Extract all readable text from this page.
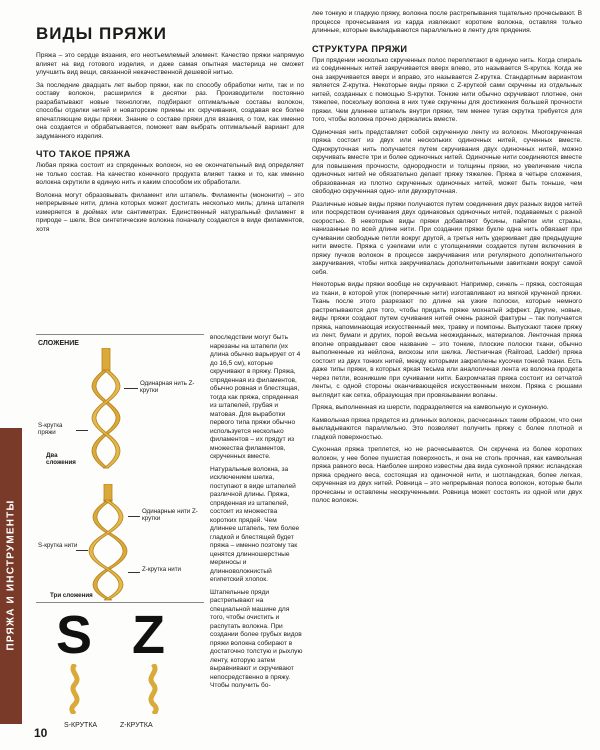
ВИДЫ ПРЯЖИ

Пряжа – это сердце вязания, его неотъемлемый элемент. Качество пряжи напрямую влияет на вид готового изделия, и даже самая опытная мастерица не сможет улучшить вид вещи, связанной некачественной дешевой нитью.

За последние двадцать лет выбор пряжи, как по способу обработки нити, так и по составу волокон, расширился в десятки раз. Производители постоянно разрабатывают новые технологии, подбирают оптимальные составы волокон, способы отделки нитей и новаторские приемы их скручивания, создавая все более впечатляющие виды пряжи. Знание о составе пряжи для вязания, о том, как именно она создается и обрабатывается, поможет вам выбрать оптимальный вариант для задуманного изделия.

ЧТО ТАКОЕ ПРЯЖА

Любая пряжа состоит из спряденных волокон, но ее окончательный вид определяет не только состав. На качество конечного продукта влияет также и то, как именно волокна скрутили в единую нить и каким способом их обработали.

Волокна могут образовывать филамент или штапель. Филаменты (мононити) – это непрерывные нити, длина которых может достигать несколько миль; длина штапеля измеряется в дюймах или сантиметрах. Единственный натуральный филамент в природе – шелк. Все синтетические волокна поначалу создаются в виде филаментов, хотя

СЛОЖЕНИЕ
Одинарная нить Z-крутки
S-крутка пряжи
Два сложения
Одинарные нити Z-крутки
S-крутка нити
Z-крутка нити
Три сложения
S Z
S-КРУТКА	Z-КРУТКА

впоследствии могут быть нарезаны на штапели (их длина обычно варьирует от 4 до 16,5 см), которые скручивают в пряжу. Пряжа, спряденная из филаментов, обычно ровная и блестящая, тогда как пряжа, спряденная из штапелей, грубая и матовая. Для выработки первого типа пряжи обычно используется несколько филаментов – их прядут из множества филаментов, скрученных вместе.

Натуральные волокна, за исключением шелка, поступают в виде штапелей различной длины. Пряжа, спряденная из штапелей, состоит из множества коротких прядей. Чем длиннее штапель, тем более гладкой и блестящей будет пряжа – именно поэтому так ценятся длинношерстные мериносы и длинноволокнистый египетский хлопок.

Штапельные пряди растрепывают на специальной машине для того, чтобы очистить и распутать волокна. При создании более грубых видов пряжи волокна собирают в достаточно толстую и рыхлую ленту, которую затем выравнивают и скручивают непосредственно в пряжу. Чтобы получить бо-

лее тонкую и гладкую пряжу, волокна после растрепывания тщательно прочесывают. В процессе прочесывания из карда извлекают короткие волокна, оставляя только длинные, которые выкладываются параллельно в ленту для прядения.

СТРУКТУРА ПРЯЖИ

При прядении несколько скрученных полос переплетают в единую нить. Когда спираль из соединенных нитей закручивается вверх влево, это называется S-крутка. Когда же она закручивается вверх и вправо, это называется Z-крутка. Стандартным вариантом является Z-крутка. Некоторые виды пряжи с Z-круткой сами скручены из отдельных нитей, созданных с помощью S-крутки. Тонкие нити обычно скручивают плотнее, они тяжелее, поскольку волокна в них туже скручены для достижения большей прочности пряжи. Чем длиннее штапель внутри пряжи, тем менее тугая скрутка требуется для того, чтобы волокна прочно держались вместе.

Одиночная нить представляет собой скрученную ленту из волокон. Многокрученная пряжа состоит из двух или нескольких одиночных нитей, сученных вместе. Однокруточная нить получается путем скручивания двух одиночных нитей, можно скручивать вместе три и более одиночных нитей. Одиночные нити соединяются вместе для повышения прочности, однородности и толщины пряжи, но увеличение числа одиночных нитей не обязательно делает пряжу тяжелее. Пряжа в четыре сложения, образованная из плотно скрученных одиночных нитей, может быть тоньше, чем свободно скрученная одно- или двухкруточная.

Различные новые виды пряжи получаются путем соединения двух разных видов нитей или посредством сучивания двух одинаковых одиночных нитей, подаваемых с разной скоростью. В некоторые виды пряжи добавляют бусины, пайетки или стразы, нанизанные по всей длине нити. При создании пряжи букле одна нить обвязает при сучивании свободные петли вокруг другой, а третья нить удерживает две предыдущие нити вместе. Пряжа с узелками или с утолщениями создается путем включения в пряжу пучков волокон в процессе закручивания или регулярного дополнительного закручивания, чтобы нитка закручивалась дополнительными завитками вокруг самой себя.

Некоторые виды пряжи вообще не скручивают. Например, синель – пряжа, состоящая из ткани, в которой уток (поперечные нити) изготавливают из мягкой крученой пряжи. Ткань после этого разрезают по длине на узкие полоски, которые немного растрепываются для того, чтобы придать пряже мохнатый эффект. Другие, новые, виды пряжи создают путем сучивания нитей очень разной фактуры – так получается пряжа, напоминающая искусственный мех, травку и помпоны. Выпускают также пряжу из лент, бумаги и других, порой весьма неожиданных, материалов. Ленточная пряжа вполне оправдывает свое название – это тонкие, плоские полоски ткани, обычно выполненные из нейлона, вискозы или шелка. Лестничная (Railroad, Ladder) пряжа состоит из двух тонких нитей, между которыми закреплены кусочки тонкой ткани. Есть даже типы пряжи, в которых яркая тесьма или аналогичная лента из волокна продета через петли, возникшие при сучивании нити. Бахромчатая пряжа состоит из сетчатой ленты, с одной стороны оканчивающейся искусственным мехом. Пряжа с рюшами выглядит как сетка, образующая при провязывании воланы.

Пряжа, выполненная из шерсти, подразделяется на камвольную и суконную.

Камвольная пряжа прядется из длинных волокон, расчесанных таким образом, что они выкладываются параллельно. Это позволяет получить пряжу с более плотной и гладкой поверхностью.

Суконная пряжа треплется, но не расчесывается. Он скручена из более коротких волокон, у нее более пушистая поверхность, и она не столь прочная, как камвольная пряжа равного веса. Наиболее широко известны два вида суконной пряжи: исландская пряжа среднего веса, состоящая из одиночной нити, и шотландская, более легкая, скрученная из двух нитей. Ровница – это непрерывная полоса волокон, которые были прочесаны и оставлены нескрученными. Ровница может состоять из одной или двух полос волокон.

ПРЯЖА И ИНСТРУМЕНТЫ
10
